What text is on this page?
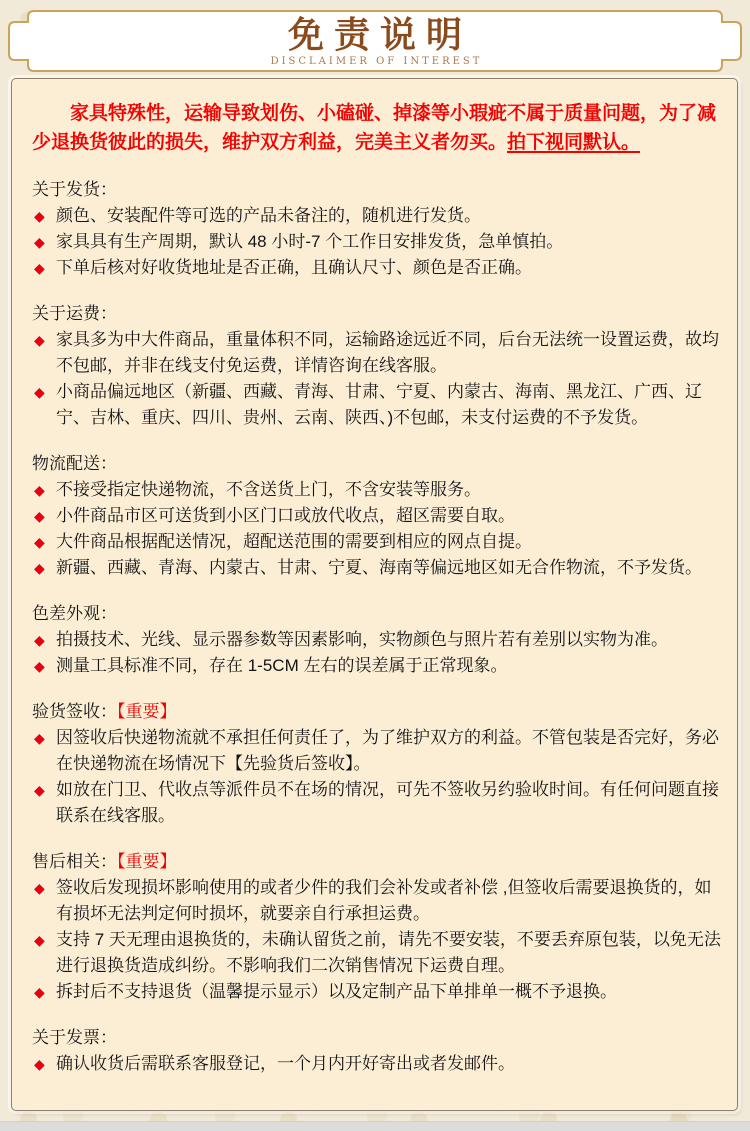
免责说明
DISCLAIMER OF INTEREST

家具特殊性，运输导致划伤、小磕碰、掉漆等小瑕疵不属于质量问题，为了减少退换货彼此的损失，维护双方利益，完美主义者勿买。拍下视同默认。

关于发货：
◆ 颜色、安装配件等可选的产品未备注的，随机进行发货。
◆ 家具具有生产周期，默认 48 小时-7 个工作日安排发货，急单慎拍。
◆ 下单后核对好收货地址是否正确，且确认尺寸、颜色是否正确。
关于运费：
◆ 家具多为中大件商品，重量体积不同，运输路途远近不同，后台无法统一设置运费，故均不包邮，并非在线支付免运费，详情咨询在线客服。
◆ 小商品偏远地区（新疆、西藏、青海、甘肃、宁夏、内蒙古、海南、黑龙江、广西、辽宁、吉林、重庆、四川、贵州、云南、陕西、)不包邮，未支付运费的不予发货。
物流配送：
◆ 不接受指定快递物流，不含送货上门，不含安装等服务。
◆ 小件商品市区可送货到小区门口或放代收点，超区需要自取。
◆ 大件商品根据配送情况，超配送范围的需要到相应的网点自提。
◆ 新疆、西藏、青海、内蒙古、甘肃、宁夏、海南等偏远地区如无合作物流，不予发货。
色差外观：
◆ 拍摄技术、光线、显示器参数等因素影响，实物颜色与照片若有差别以实物为准。
◆ 测量工具标准不同，存在 1-5CM 左右的误差属于正常现象。
验货签收：【重要】
◆ 因签收后快递物流就不承担任何责任了，为了维护双方的利益。不管包装是否完好，务必在快递物流在场情况下【先验货后签收】。
◆ 如放在门卫、代收点等派件员不在场的情况，可先不签收另约验收时间。有任何问题直接联系在线客服。
售后相关：【重要】
◆ 签收后发现损坏影响使用的或者少件的我们会补发或者补偿 ,但签收后需要退换货的，如有损坏无法判定何时损坏，就要亲自行承担运费。
◆ 支持 7 天无理由退换货的，未确认留货之前，请先不要安装，不要丢弃原包装，以免无法进行退换货造成纠纷。不影响我们二次销售情况下运费自理。
◆ 拆封后不支持退货（温馨提示显示）以及定制产品下单排单一概不予退换。
关于发票：
◆ 确认收货后需联系客服登记，一个月内开好寄出或者发邮件。
